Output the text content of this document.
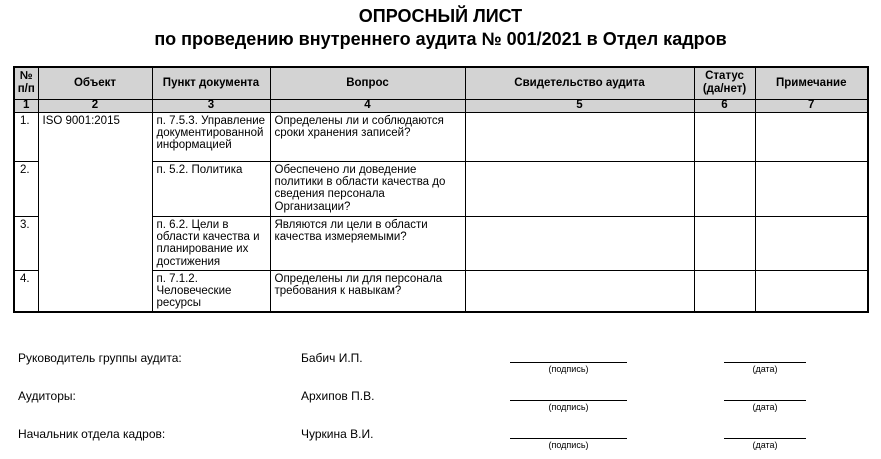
ОПРОСНЫЙ ЛИСТ
по проведению внутреннего аудита № 001/2021 в Отдел кадров
№ п/п	Объект	Пункт документа	Вопрос	Свидетельство аудита	Статус (да/нет)	Примечание
1	2	3	4	5	6	7
1.	ISO 9001:2015	п. 7.5.3. Управление документированной информацией	Определены ли и соблюдаются сроки хранения записей?			
2.		п. 5.2. Политика	Обеспечено ли доведение политики в области качества до сведения персонала Организации?			
3.		п. 6.2. Цели в области качества и планирование их достижения	Являются ли цели в области качества измеряемыми?			
4.		п. 7.1.2. Человеческие ресурсы	Определены ли для персонала требования к навыкам?			
Руководитель группы аудита:	Бабич И.П.
(подпись)	(дата)
Аудиторы:	Архипов П.В.
(подпись)	(дата)
Начальник отдела кадров:	Чуркина В.И.
(подпись)	(дата)
